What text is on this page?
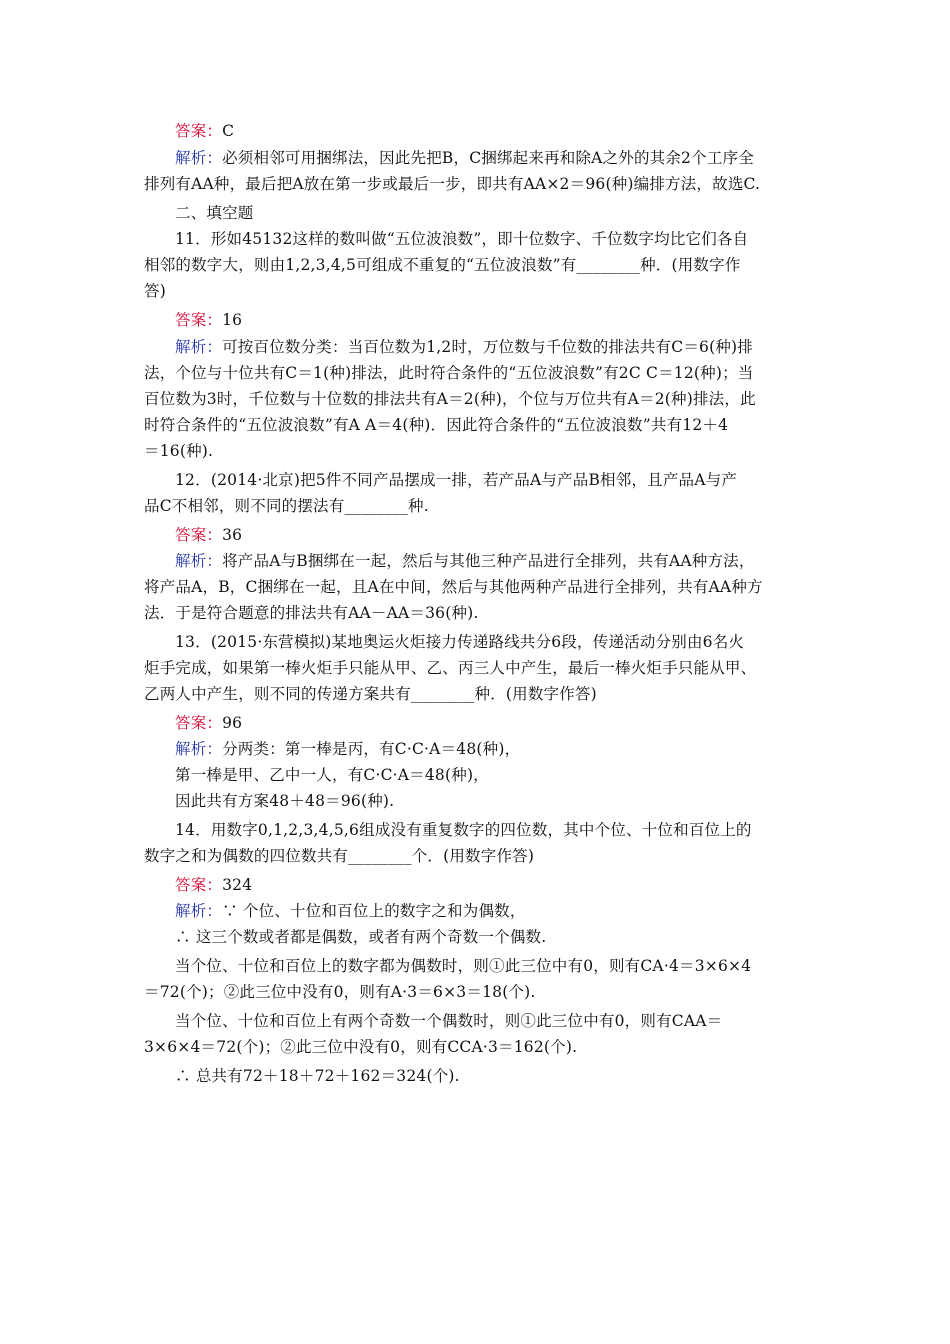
答案：C
解析：必须相邻可用捆绑法，因此先把B，C捆绑起来再和除A之外的其余2个工序全
排列有AA种，最后把A放在第一步或最后一步，即共有AA×2＝96(种)编排方法，故选C.
二、填空题
11．形如45132这样的数叫做“五位波浪数”，即十位数字、千位数字均比它们各自
相邻的数字大，则由1,2,3,4,5可组成不重复的“五位波浪数”有________种．(用数字作
答)
答案：16
解析：可按百位数分类：当百位数为1,2时，万位数与千位数的排法共有C＝6(种)排
法，个位与十位共有C＝1(种)排法，此时符合条件的“五位波浪数”有2C C＝12(种)；当
百位数为3时，千位数与十位数的排法共有A＝2(种)，个位与万位共有A＝2(种)排法，此
时符合条件的“五位波浪数”有A A＝4(种)．因此符合条件的“五位波浪数”共有12＋4
＝16(种).
12．(2014·北京)把5件不同产品摆成一排，若产品A与产品B相邻，且产品A与产
品C不相邻，则不同的摆法有________种.
答案：36
解析：将产品A与B捆绑在一起，然后与其他三种产品进行全排列，共有AA种方法，
将产品A，B，C捆绑在一起，且A在中间，然后与其他两种产品进行全排列，共有AA种方
法．于是符合题意的排法共有AA－AA＝36(种).
13．(2015·东营模拟)某地奥运火炬接力传递路线共分6段，传递活动分别由6名火
炬手完成，如果第一棒火炬手只能从甲、乙、丙三人中产生，最后一棒火炬手只能从甲、
乙两人中产生，则不同的传递方案共有________种．(用数字作答)
答案：96
解析：分两类：第一棒是丙，有C·C·A＝48(种)，
第一棒是甲、乙中一人，有C·C·A＝48(种)，
因此共有方案48＋48＝96(种).
14．用数字0,1,2,3,4,5,6组成没有重复数字的四位数，其中个位、十位和百位上的
数字之和为偶数的四位数共有________个．(用数字作答)
答案：324
解析：∵ 个位、十位和百位上的数字之和为偶数，
∴ 这三个数或者都是偶数，或者有两个奇数一个偶数.
当个位、十位和百位上的数字都为偶数时，则①此三位中有0，则有CA·4＝3×6×4
＝72(个)；②此三位中没有0，则有A·3＝6×3＝18(个).
当个位、十位和百位上有两个奇数一个偶数时，则①此三位中有0，则有CAA＝
3×6×4＝72(个)；②此三位中没有0，则有CCA·3＝162(个).
∴ 总共有72＋18＋72＋162＝324(个).
